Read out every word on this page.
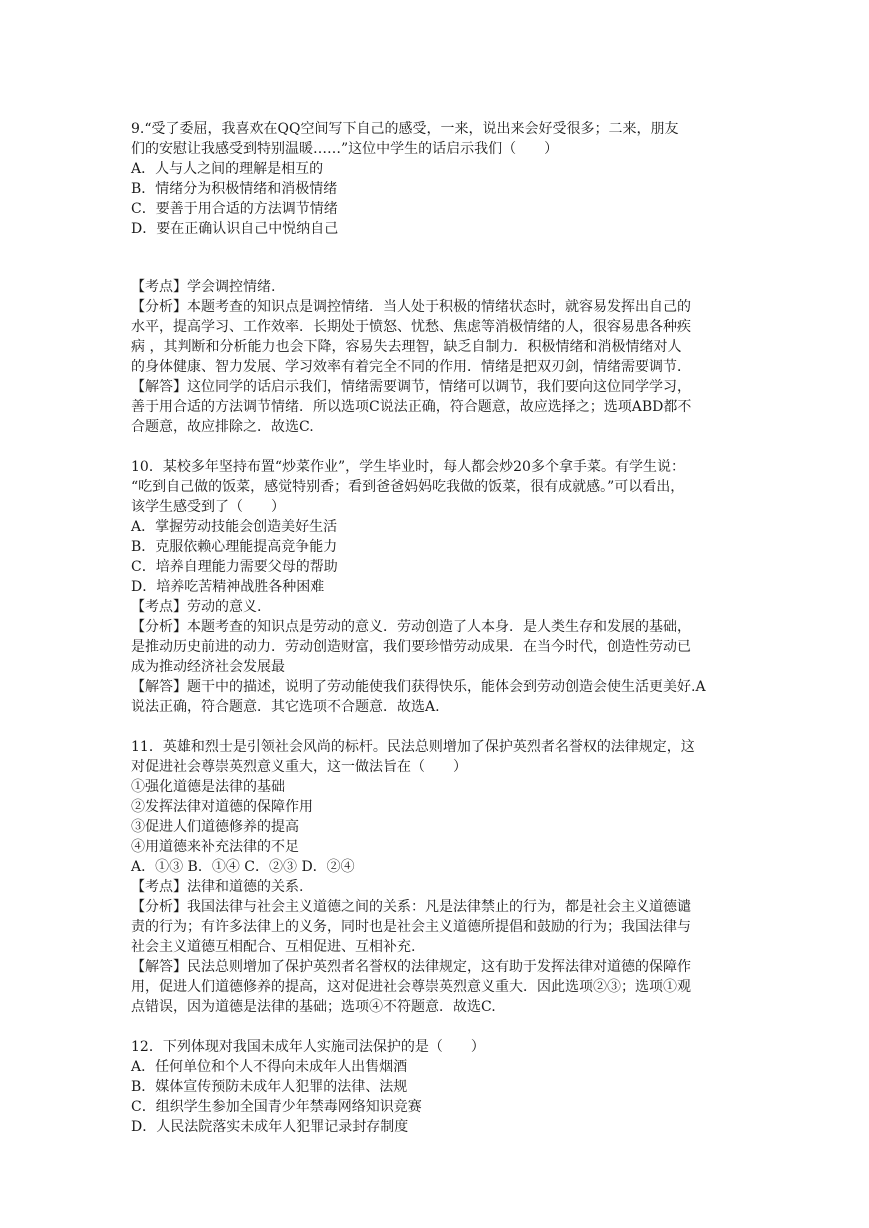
9.“受了委屈，我喜欢在QQ空间写下自己的感受，一来，说出来会好受很多；二来，朋友

们的安慰让我感受到特别温暖……”这位中学生的话启示我们（　　）

A．人与人之间的理解是相互的

B．情绪分为积极情绪和消极情绪

C．要善于用合适的方法调节情绪

D．要在正确认识自己中悦纳自己

【考点】学会调控情绪.

【分析】本题考查的知识点是调控情绪．当人处于积极的情绪状态时，就容易发挥出自己的

水平，提高学习、工作效率．长期处于愤怒、忧愁、焦虑等消极情绪的人，很容易患各种疾

病 ，其判断和分析能力也会下降，容易失去理智，缺乏自制力．积极情绪和消极情绪对人

的身体健康、智力发展、学习效率有着完全不同的作用．情绪是把双刃剑，情绪需要调节．

【解答】这位同学的话启示我们，情绪需要调节，情绪可以调节，我们要向这位同学学习，

善于用合适的方法调节情绪．所以选项C说法正确，符合题意，故应选择之；选项ABD都不

合题意，故应排除之．故选C.

10．某校多年坚持布置“炒菜作业”，学生毕业时，每人都会炒20多个拿手菜。有学生说：

“吃到自己做的饭菜，感觉特别香；看到爸爸妈妈吃我做的饭菜，很有成就感。”可以看出，

该学生感受到了（　　）

A．掌握劳动技能会创造美好生活

B．克服依赖心理能提高竞争能力

C．培养自理能力需要父母的帮助

D．培养吃苦精神战胜各种困难

【考点】劳动的意义.

【分析】本题考查的知识点是劳动的意义．劳动创造了人本身．是人类生存和发展的基础，

是推动历史前进的动力．劳动创造财富，我们要珍惜劳动成果．在当今时代，创造性劳动已

成为推动经济社会发展最

【解答】题干中的描述，说明了劳动能使我们获得快乐，能体会到劳动创造会使生活更美好.A

说法正确，符合题意．其它选项不合题意．故选A.

11．英雄和烈士是引领社会风尚的标杆。民法总则增加了保护英烈者名誉权的法律规定，这

对促进社会尊崇英烈意义重大，这一做法旨在（　　）

①强化道德是法律的基础

②发挥法律对道德的保障作用

③促进人们道德修养的提高

④用道德来补充法律的不足

A．①③ B．①④ C．②③ D．②④

【考点】法律和道德的关系.

【分析】我国法律与社会主义道德之间的关系：凡是法律禁止的行为，都是社会主义道德谴

责的行为；有许多法律上的义务，同时也是社会主义道德所提倡和鼓励的行为；我国法律与

社会主义道德互相配合、互相促进、互相补充.

【解答】民法总则增加了保护英烈者名誉权的法律规定，这有助于发挥法律对道德的保障作

用，促进人们道德修养的提高，这对促进社会尊崇英烈意义重大．因此选项②③；选项①观

点错误，因为道德是法律的基础；选项④不符题意．故选C.

12．下列体现对我国未成年人实施司法保护的是（　　）

A．任何单位和个人不得向未成年人出售烟酒

B．媒体宣传预防未成年人犯罪的法律、法规

C．组织学生参加全国青少年禁毒网络知识竞赛

D．人民法院落实未成年人犯罪记录封存制度
